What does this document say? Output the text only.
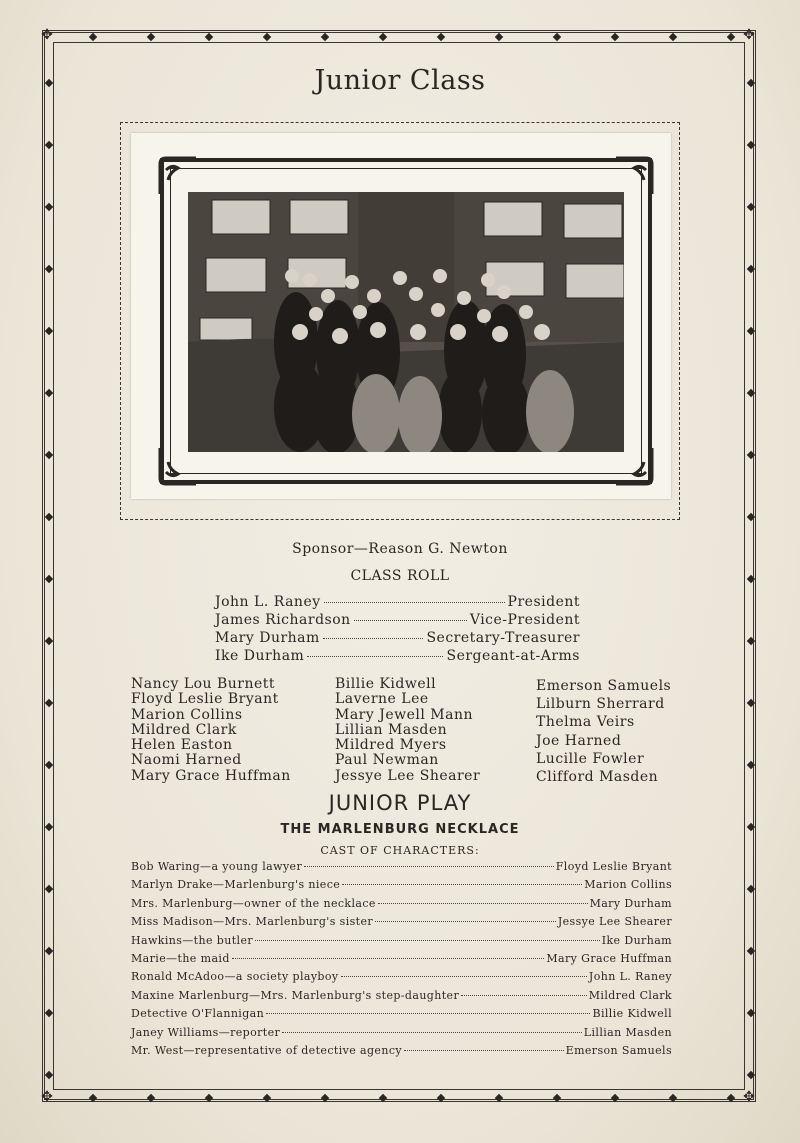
✥	✥
✥	✥
Junior Class
Sponsor—Reason G. Newton
CLASS ROLL
John L. Raney	President
James Richardson	Vice-President
Mary Durham	Secretary-Treasurer
Ike Durham	Sergeant-at-Arms
Nancy Lou Burnett
Floyd Leslie Bryant
Marion Collins
Mildred Clark
Helen Easton
Naomi Harned
Mary Grace Huffman
Billie Kidwell
Laverne Lee
Mary Jewell Mann
Lillian Masden
Mildred Myers
Paul Newman
Jessye Lee Shearer
Emerson Samuels
Lilburn Sherrard
Thelma Veirs
Joe Harned
Lucille Fowler
Clifford Masden
JUNIOR PLAY
THE MARLENBURG NECKLACE
CAST OF CHARACTERS:
Bob Waring—a young lawyer	Floyd Leslie Bryant
Marlyn Drake—Marlenburg's niece	Marion Collins
Mrs. Marlenburg—owner of the necklace	Mary Durham
Miss Madison—Mrs. Marlenburg's sister	Jessye Lee Shearer
Hawkins—the butler	Ike Durham
Marie—the maid	Mary Grace Huffman
Ronald McAdoo—a society playboy	John L. Raney
Maxine Marlenburg—Mrs. Marlenburg's step-daughter	Mildred Clark
Detective O'Flannigan	Billie Kidwell
Janey Williams—reporter	Lillian Masden
Mr. West—representative of detective agency	Emerson Samuels
